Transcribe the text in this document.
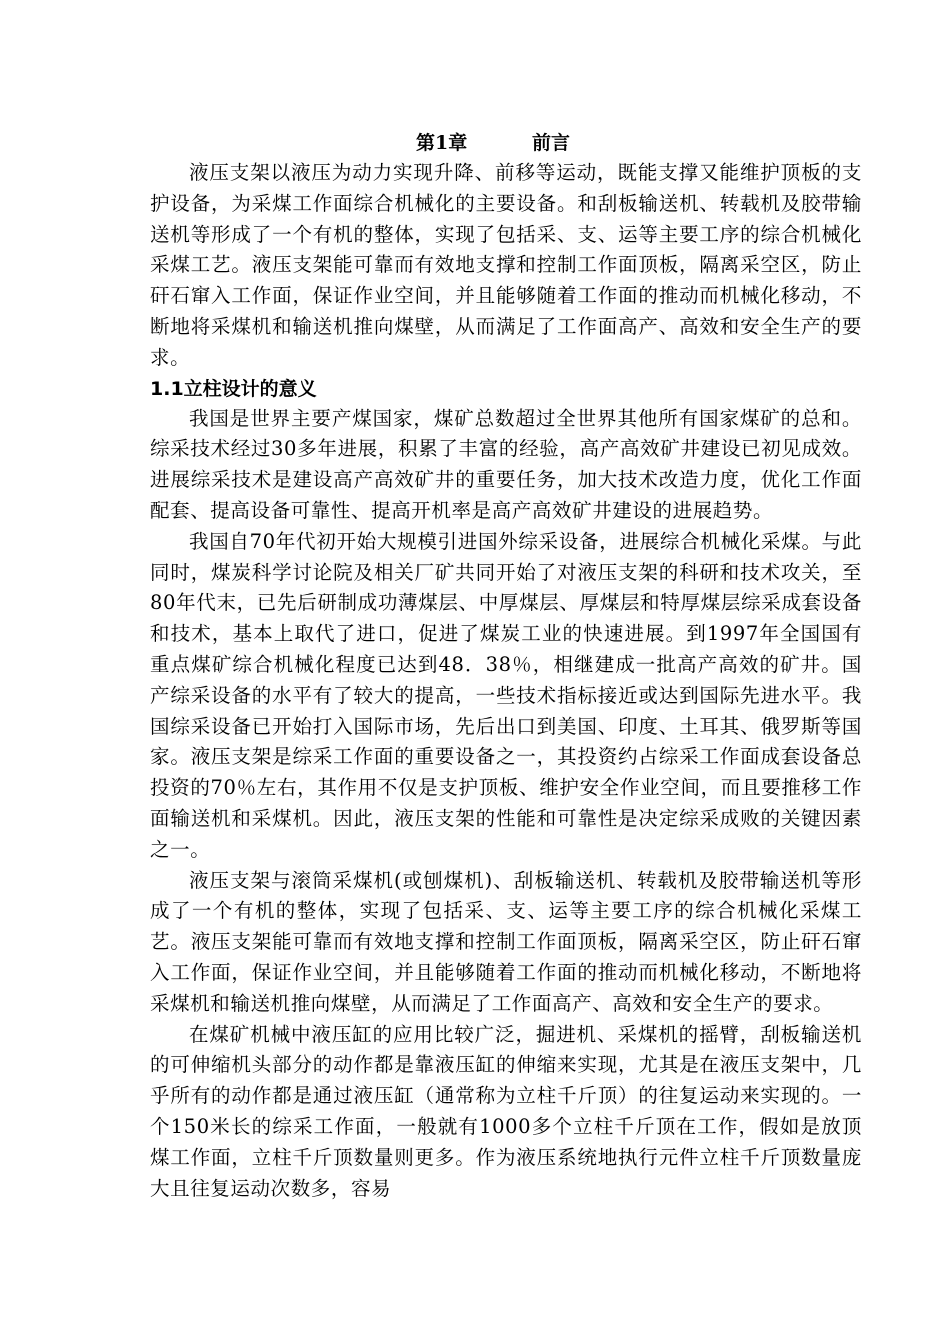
第1章	前言

液压支架以液压为动力实现升降、前移等运动，既能支撑又能维护顶板的支护设备，为采煤工作面综合机械化的主要设备。和刮板输送机、转载机及胶带输送机等形成了一个有机的整体，实现了包括采、支、运等主要工序的综合机械化采煤工艺。液压支架能可靠而有效地支撑和控制工作面顶板，隔离采空区，防止矸石窜入工作面，保证作业空间，并且能够随着工作面的推动而机械化移动，不断地将采煤机和输送机推向煤壁，从而满足了工作面高产、高效和安全生产的要求。

1.1立柱设计的意义

我国是世界主要产煤国家，煤矿总数超过全世界其他所有国家煤矿的总和。综采技术经过30多年进展，积累了丰富的经验，高产高效矿井建设已初见成效。进展综采技术是建设高产高效矿井的重要任务，加大技术改造力度，优化工作面配套、提高设备可靠性、提高开机率是高产高效矿井建设的进展趋势。

我国自70年代初开始大规模引进国外综采设备，进展综合机械化采煤。与此同时，煤炭科学讨论院及相关厂矿共同开始了对液压支架的科研和技术攻关，至80年代末，已先后研制成功薄煤层、中厚煤层、厚煤层和特厚煤层综采成套设备和技术，基本上取代了进口，促进了煤炭工业的快速进展。到1997年全国国有重点煤矿综合机械化程度已达到48．38％，相继建成一批高产高效的矿井。国产综采设备的水平有了较大的提高，一些技术指标接近或达到国际先进水平。我国综采设备已开始打入国际市场，先后出口到美国、印度、土耳其、俄罗斯等国家。液压支架是综采工作面的重要设备之一，其投资约占综采工作面成套设备总投资的70％左右，其作用不仅是支护顶板、维护安全作业空间，而且要推移工作面输送机和采煤机。因此，液压支架的性能和可靠性是决定综采成败的关键因素之一。

液压支架与滚筒采煤机(或刨煤机)、刮板输送机、转载机及胶带输送机等形成了一个有机的整体，实现了包括采、支、运等主要工序的综合机械化采煤工艺。液压支架能可靠而有效地支撑和控制工作面顶板，隔离采空区，防止矸石窜入工作面，保证作业空间，并且能够随着工作面的推动而机械化移动，不断地将采煤机和输送机推向煤壁，从而满足了工作面高产、高效和安全生产的要求。

在煤矿机械中液压缸的应用比较广泛，掘进机、采煤机的摇臂，刮板输送机的可伸缩机头部分的动作都是靠液压缸的伸缩来实现，尤其是在液压支架中，几乎所有的动作都是通过液压缸（通常称为立柱千斤顶）的往复运动来实现的。一个150米长的综采工作面，一般就有1000多个立柱千斤顶在工作，假如是放顶煤工作面，立柱千斤顶数量则更多。作为液压系统地执行元件立柱千斤顶数量庞大且往复运动次数多，容易
